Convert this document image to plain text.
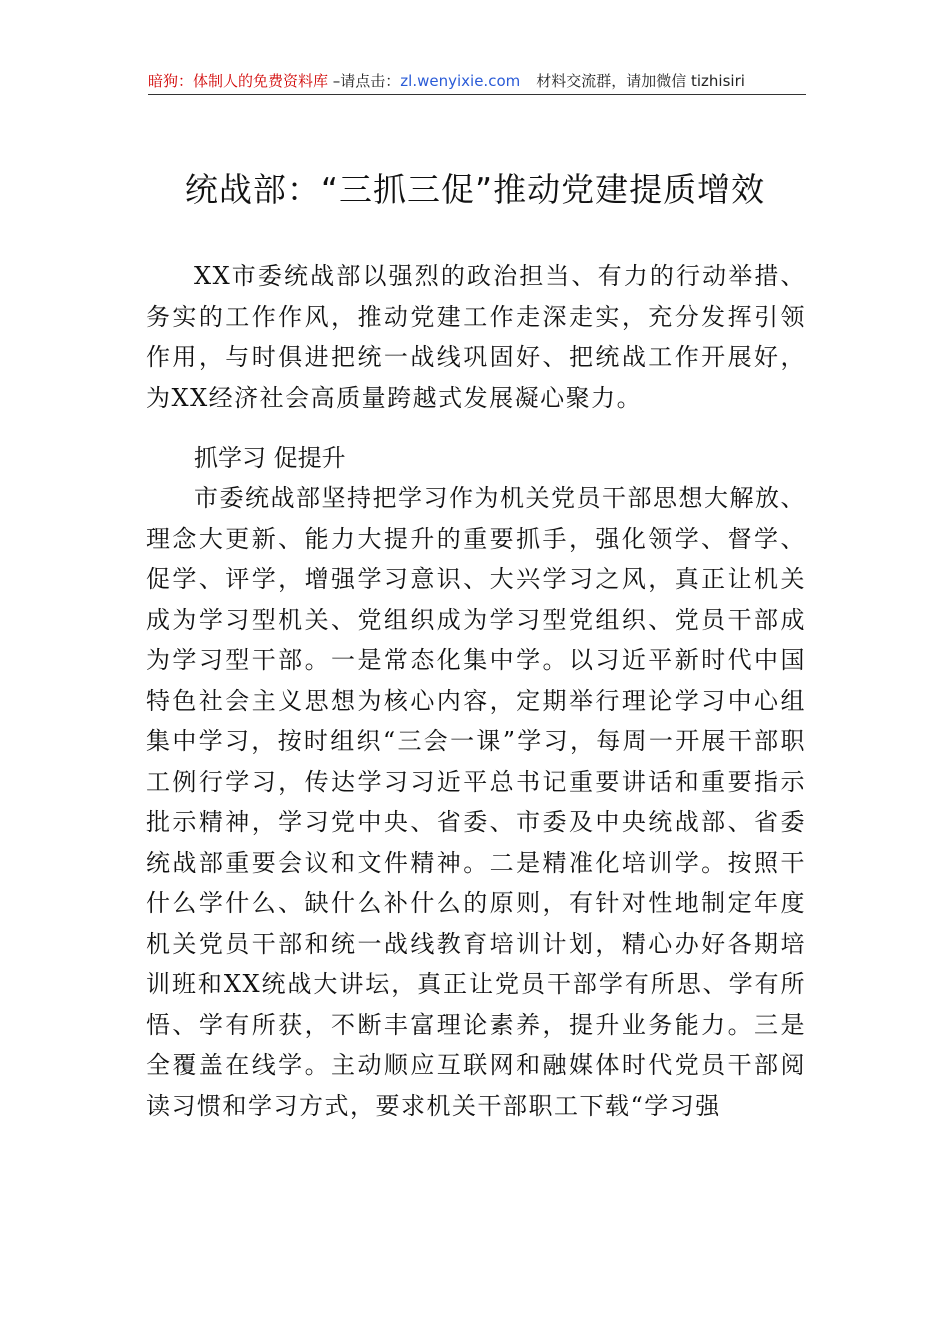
暗狗：体制人的免费资料库 –请点击：zl.wenyixie.com 材料交流群，请加微信 tizhisiri
统战部：“三抓三促”推动党建提质增效

XX市委统战部以强烈的政治担当、有力的行动举措、务实的工作作风，推动党建工作走深走实，充分发挥引领作用，与时俱进把统一战线巩固好、把统战工作开展好，为XX经济社会高质量跨越式发展凝心聚力。

抓学习 促提升

市委统战部坚持把学习作为机关党员干部思想大解放、理念大更新、能力大提升的重要抓手，强化领学、督学、促学、评学，增强学习意识、大兴学习之风，真正让机关成为学习型机关、党组织成为学习型党组织、党员干部成为学习型干部。一是常态化集中学。以习近平新时代中国特色社会主义思想为核心内容，定期举行理论学习中心组集中学习，按时组织“三会一课”学习，每周一开展干部职工例行学习，传达学习习近平总书记重要讲话和重要指示批示精神，学习党中央、省委、市委及中央统战部、省委统战部重要会议和文件精神。二是精准化培训学。按照干什么学什么、缺什么补什么的原则，有针对性地制定年度机关党员干部和统一战线教育培训计划，精心办好各期培训班和XX统战大讲坛，真正让党员干部学有所思、学有所悟、学有所获，不断丰富理论素养，提升业务能力。三是全覆盖在线学。主动顺应互联网和融媒体时代党员干部阅读习惯和学习方式，要求机关干部职工下载“学习强
